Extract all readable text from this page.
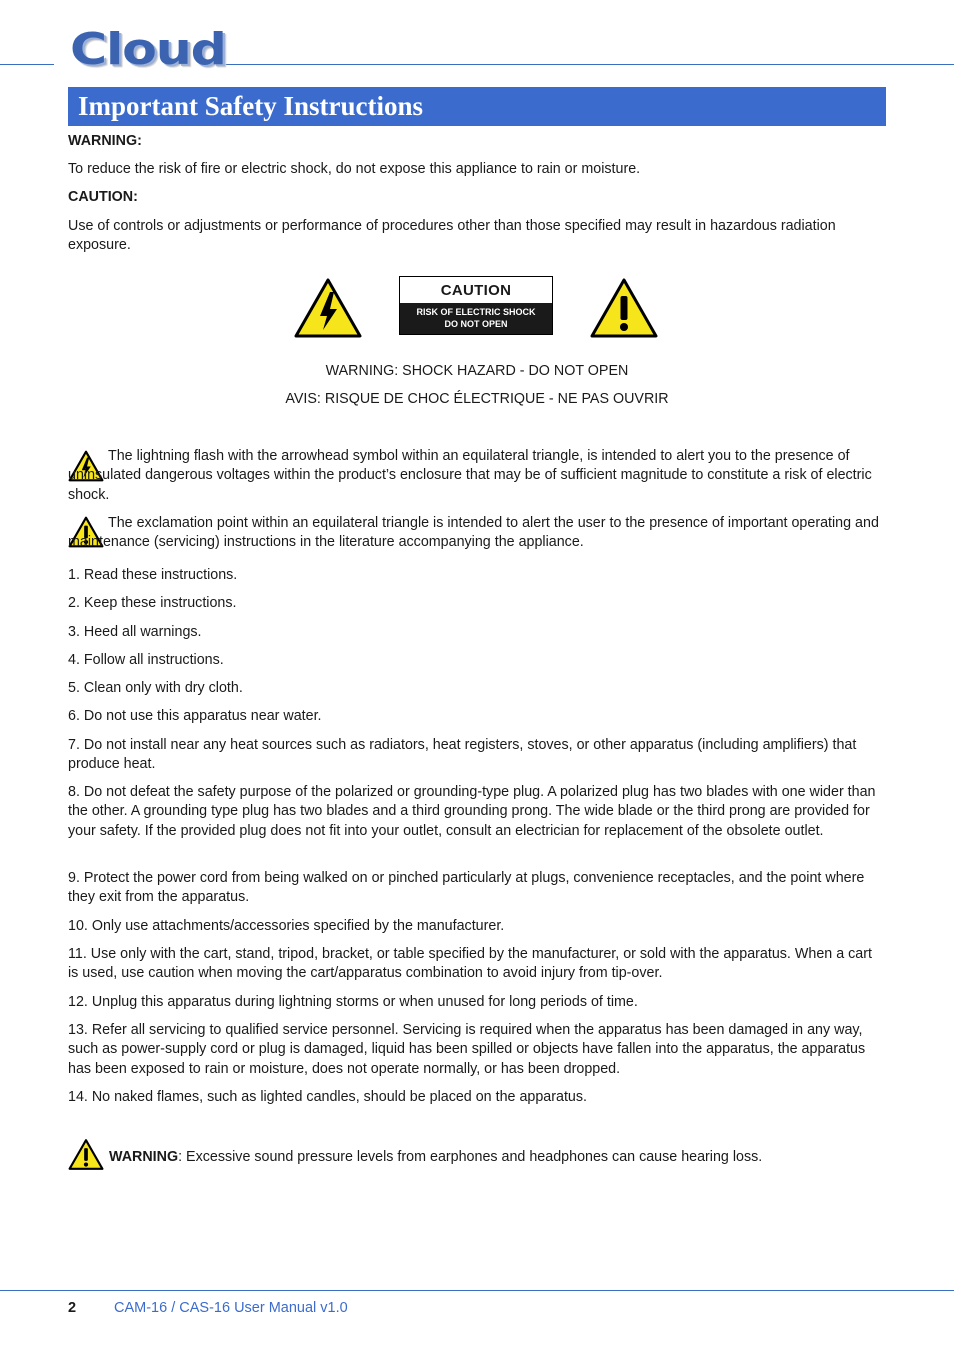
Cloud
Important Safety Instructions

WARNING:

To reduce the risk of fire or electric shock, do not expose this appliance to rain or moisture.

CAUTION:

Use of controls or adjustments or performance of procedures other than those specified may result in hazardous radiation exposure.

CAUTION
RISK OF ELECTRIC SHOCK
DO NOT OPEN

WARNING: SHOCK HAZARD - DO NOT OPEN

AVIS: RISQUE DE CHOC ÉLECTRIQUE - NE PAS OUVRIR

The lightning flash with the arrowhead symbol within an equilateral triangle, is intended to alert you to the presence of uninsulated dangerous voltages within the product’s enclosure that may be of sufficient magnitude to constitute a risk of electric shock.

The exclamation point within an equilateral triangle is intended to alert the user to the presence of important operating and maintenance (servicing) instructions in the literature accompanying the appliance.

1. Read these instructions.

2. Keep these instructions.

3. Heed all warnings.

4. Follow all instructions.

5. Clean only with dry cloth.

6. Do not use this apparatus near water.

7. Do not install near any heat sources such as radiators, heat registers, stoves, or other apparatus (including amplifiers) that produce heat.

8. Do not defeat the safety purpose of the polarized or grounding-type plug. A polarized plug has two blades with one wider than the other. A grounding type plug has two blades and a third grounding prong. The wide blade or the third prong are provided for your safety. If the provided plug does not fit into your outlet, consult an electrician for replacement of the obsolete outlet.

9. Protect the power cord from being walked on or pinched particularly at plugs, convenience receptacles, and the point where they exit from the apparatus.

10. Only use attachments/accessories specified by the manufacturer.

11. Use only with the cart, stand, tripod, bracket, or table specified by the manufacturer, or sold with the apparatus. When a cart is used, use caution when moving the cart/apparatus combination to avoid injury from tip-over.

12. Unplug this apparatus during lightning storms or when unused for long periods of time.

13. Refer all servicing to qualified service personnel. Servicing is required when the apparatus has been damaged in any way, such as power-supply cord or plug is damaged, liquid has been spilled or objects have fallen into the apparatus, the apparatus has been exposed to rain or moisture, does not operate normally, or has been dropped.

14. No naked flames, such as lighted candles, should be placed on the apparatus.

WARNING: Excessive sound pressure levels from earphones and headphones can cause hearing loss.

2	CAM-16 / CAS-16 User Manual v1.0
